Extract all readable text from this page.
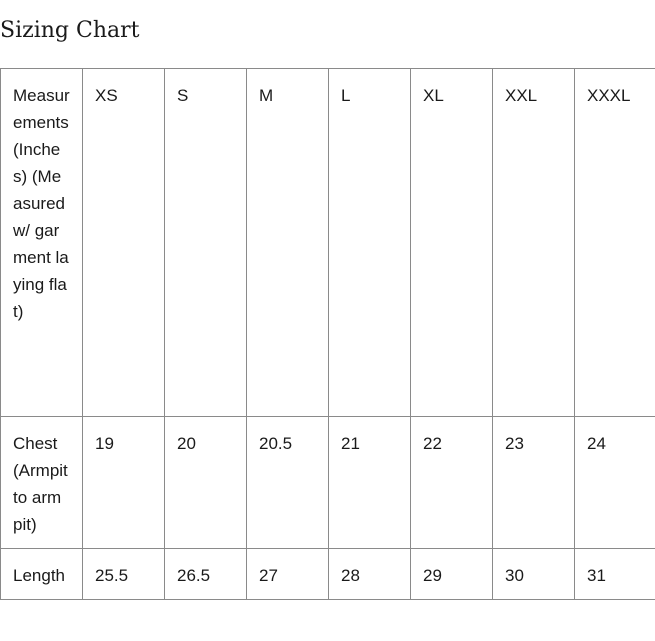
Sizing Chart
Measurements (Inches) (Measured w/ garment laying flat)	XS	S	M	L	XL	XXL	XXXL
Chest (Armpit to armpit)	19	20	20.5	21	22	23	24
Length	25.5	26.5	27	28	29	30	31
